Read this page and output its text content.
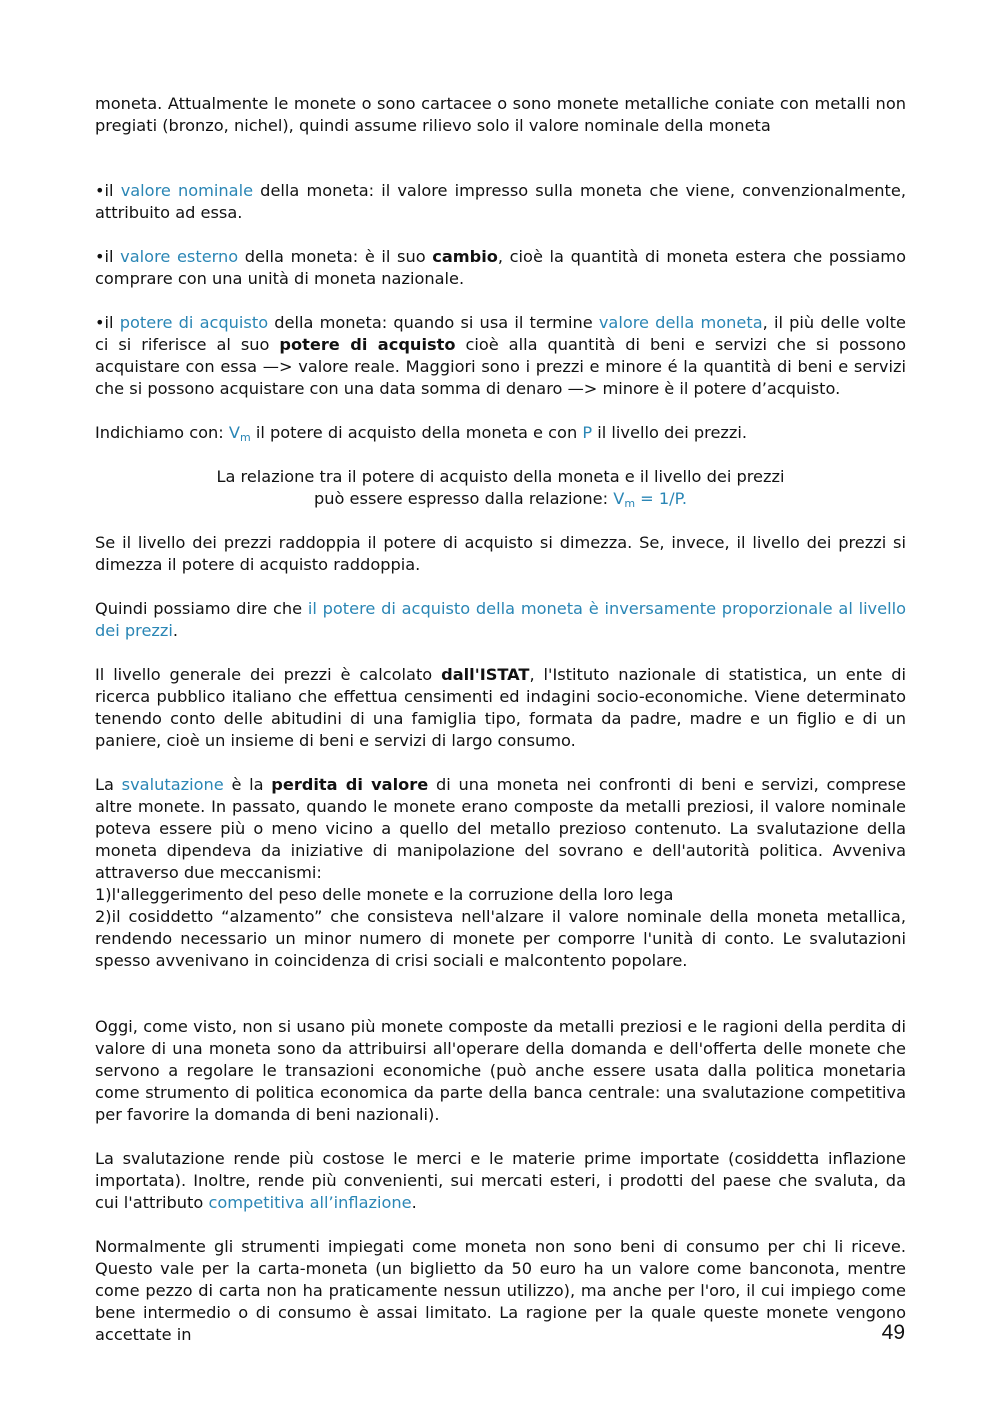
moneta. Attualmente le monete o sono cartacee o sono monete metalliche coniate con metalli non pregiati (bronzo, nichel), quindi assume rilievo solo il valore nominale della moneta

•il valore nominale della moneta: il valore impresso sulla moneta che viene, convenzionalmente, attribuito ad essa.

•il valore esterno della moneta: è il suo cambio, cioè la quantità di moneta estera che possiamo comprare con una unità di moneta nazionale.

•il potere di acquisto della moneta: quando si usa il termine valore della moneta, il più delle volte ci si riferisce al suo potere di acquisto cioè alla quantità di beni e servizi che si possono acquistare con essa —> valore reale. Maggiori sono i prezzi e minore é la quantità di beni e servizi che si possono acquistare con una data somma di denaro —> minore è il potere d’acquisto.

Indichiamo con: $V_m$ il potere di acquisto della moneta e con P il livello dei prezzi.

La relazione tra il potere di acquisto della moneta e il livello dei prezzi

può essere espresso dalla relazione: $V_m = 1/P$.

Se il livello dei prezzi raddoppia il potere di acquisto si dimezza. Se, invece, il livello dei prezzi si dimezza il potere di acquisto raddoppia.

Quindi possiamo dire che il potere di acquisto della moneta è inversamente proporzionale al livello dei prezzi.

Il livello generale dei prezzi è calcolato dall'ISTAT, l'Istituto nazionale di statistica, un ente di ricerca pubblico italiano che effettua censimenti ed indagini socio-economiche. Viene determinato tenendo conto delle abitudini di una famiglia tipo, formata da padre, madre e un figlio e di un paniere, cioè un insieme di beni e servizi di largo consumo.

La svalutazione è la perdita di valore di una moneta nei confronti di beni e servizi, comprese altre monete. In passato, quando le monete erano composte da metalli preziosi, il valore nominale poteva essere più o meno vicino a quello del metallo prezioso contenuto. La svalutazione della moneta dipendeva da iniziative di manipolazione del sovrano e dell'autorità politica. Avveniva attraverso due meccanismi:

1)l'alleggerimento del peso delle monete e la corruzione della loro lega

2)il cosiddetto “alzamento” che consisteva nell'alzare il valore nominale della moneta metallica, rendendo necessario un minor numero di monete per comporre l'unità di conto. Le svalutazioni spesso avvenivano in coincidenza di crisi sociali e malcontento popolare.

Oggi, come visto, non si usano più monete composte da metalli preziosi e le ragioni della perdita di valore di una moneta sono da attribuirsi all'operare della domanda e dell'offerta delle monete che servono a regolare le transazioni economiche (può anche essere usata dalla politica monetaria come strumento di politica economica da parte della banca centrale: una svalutazione competitiva per favorire la domanda di beni nazionali).

La svalutazione rende più costose le merci e le materie prime importate (cosiddetta inflazione importata). Inoltre, rende più convenienti, sui mercati esteri, i prodotti del paese che svaluta, da cui l'attributo competitiva all’inflazione.

Normalmente gli strumenti impiegati come moneta non sono beni di consumo per chi li riceve. Questo vale per la carta-moneta (un biglietto da 50 euro ha un valore come banconota, mentre come pezzo di carta non ha praticamente nessun utilizzo), ma anche per l'oro, il cui impiego come bene intermedio o di consumo è assai limitato. La ragione per la quale queste monete vengono accettate in	49
